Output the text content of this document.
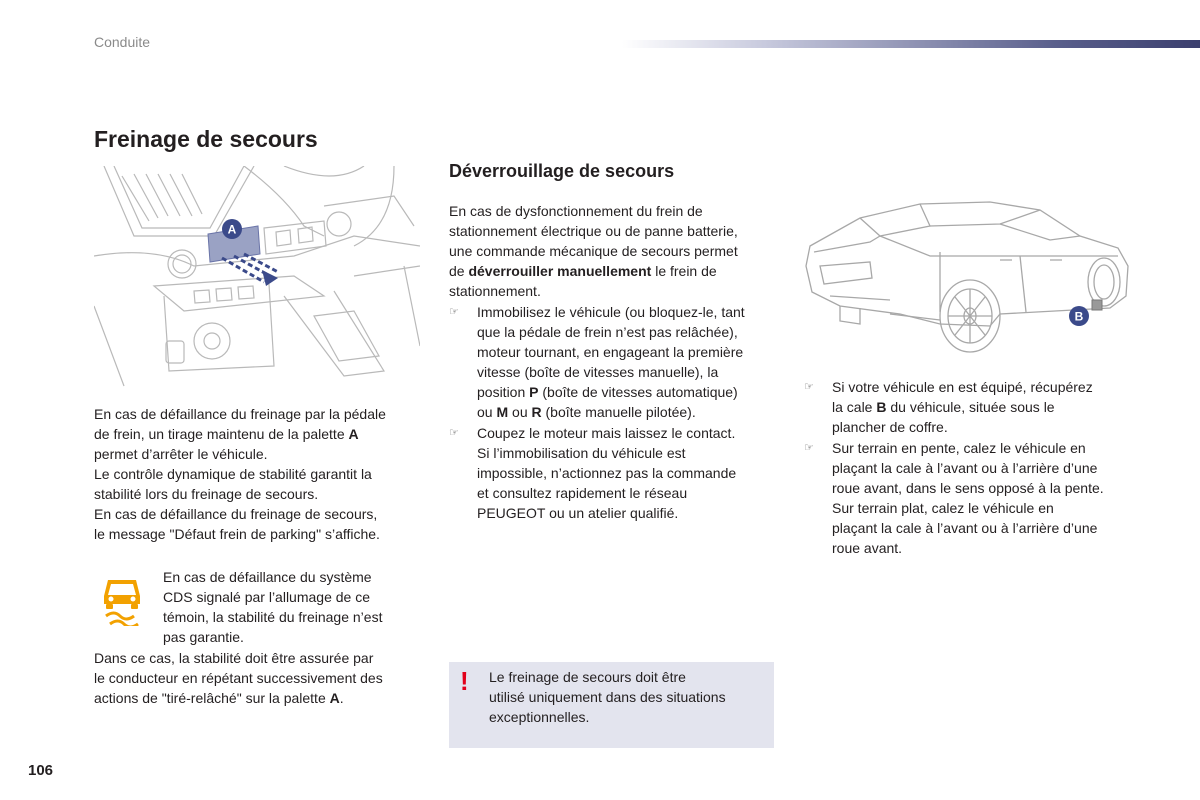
Conduite
Freinage de secours
A

En cas de défaillance du freinage par la pédale
de frein, un tirage maintenu de la palette A
permet d’arrêter le véhicule.
Le contrôle dynamique de stabilité garantit la
stabilité lors du freinage de secours.
En cas de défaillance du freinage de secours,
le message "Défaut frein de parking" s’affiche.

En cas de défaillance du système
CDS signalé par l’allumage de ce
témoin, la stabilité du freinage n’est
pas garantie.
Dans ce cas, la stabilité doit être assurée par
le conducteur en répétant successivement des
actions de "tiré-relâché" sur la palette A.
Déverrouillage de secours
En cas de dysfonctionnement du frein de
stationnement électrique ou de panne batterie,
une commande mécanique de secours permet
de déverrouiller manuellement le frein de
stationnement.
☞	Immobilisez le véhicule (ou bloquez-le, tant
que la pédale de frein n’est pas relâchée),
moteur tournant, en engageant la première
vitesse (boîte de vitesses manuelle), la
position P (boîte de vitesses automatique)
ou M ou R (boîte manuelle pilotée).
☞	Coupez le moteur mais laissez le contact.
Si l’immobilisation du véhicule est
impossible, n’actionnez pas la commande
et consultez rapidement le réseau
PEUGEOT ou un atelier qualifié.
! Le freinage de secours doit être
utilisé uniquement dans des situations
exceptionnelles.
B
☞	Si votre véhicule en est équipé, récupérez
la cale B du véhicule, située sous le
plancher de coffre.
☞	Sur terrain en pente, calez le véhicule en
plaçant la cale à l’avant ou à l’arrière d’une
roue avant, dans le sens opposé à la pente.
Sur terrain plat, calez le véhicule en
plaçant la cale à l’avant ou à l’arrière d’une
roue avant.
106
